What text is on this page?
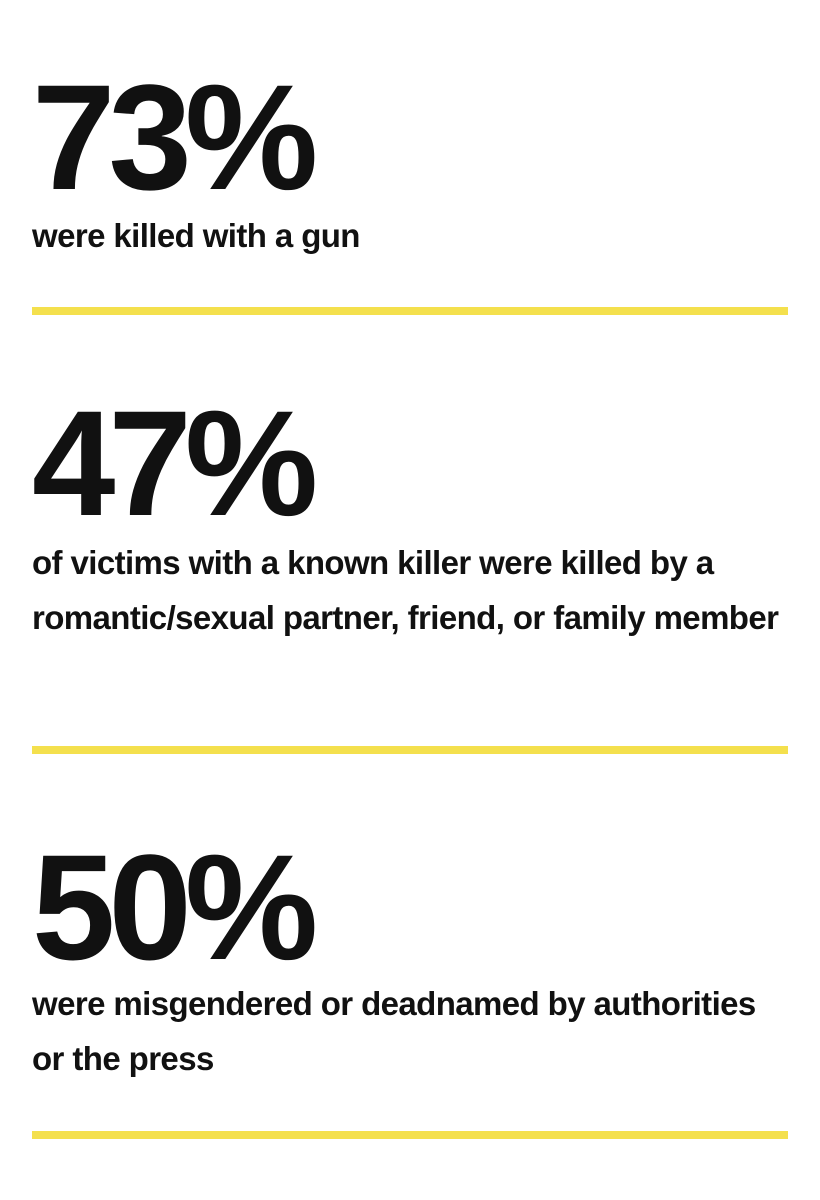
73%
were killed with a gun
47%
of victims with a known killer were killed by a romantic/sexual partner, friend, or family member
50%
were misgendered or deadnamed by authorities or the press
